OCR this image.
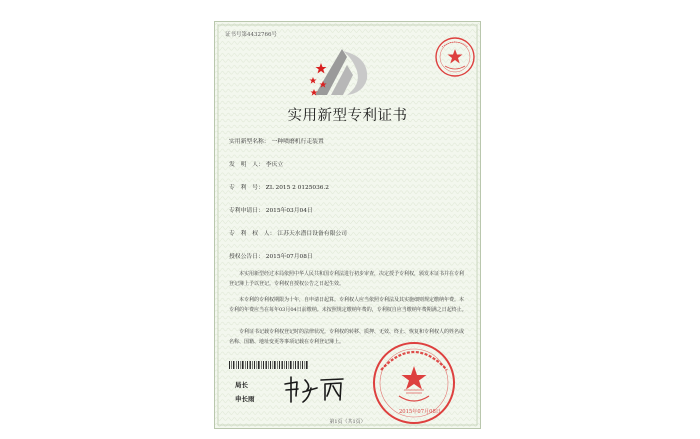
证书号第4432766号
实用新型专利证书
实用新型名称： 一种喷磨机行走装置
发　明　人： 李庆立
专　利　号： ZL 2015 2 0125036.2
专利申请日： 2015年03月04日
专　利　权　人： 江苏天水潜目设备有限公司
授权公告日： 2015年07月08日
本实用新型经过本局依照中华人民共和国专利法进行初步审查，决定授予专利权，颁发本证书并在专利登记簿上予以登记。专利权自授权公告之日起生效。
本专利的专利权期限为十年，自申请日起算。专利权人应当依照专利法及其实施细则规定缴纳年费。本专利的年费应当在每年03月04日前缴纳。未按照规定缴纳年费的，专利权自应当缴纳年费期满之日起终止。
专利证书记载专利权登记时的法律状况。专利权的转移、质押、无效、终止、恢复和专利权人的姓名或名称、国籍、地址变更等事项记载在专利登记簿上。
局长
申长雨
2015年07月08日
第1页（共1页）
